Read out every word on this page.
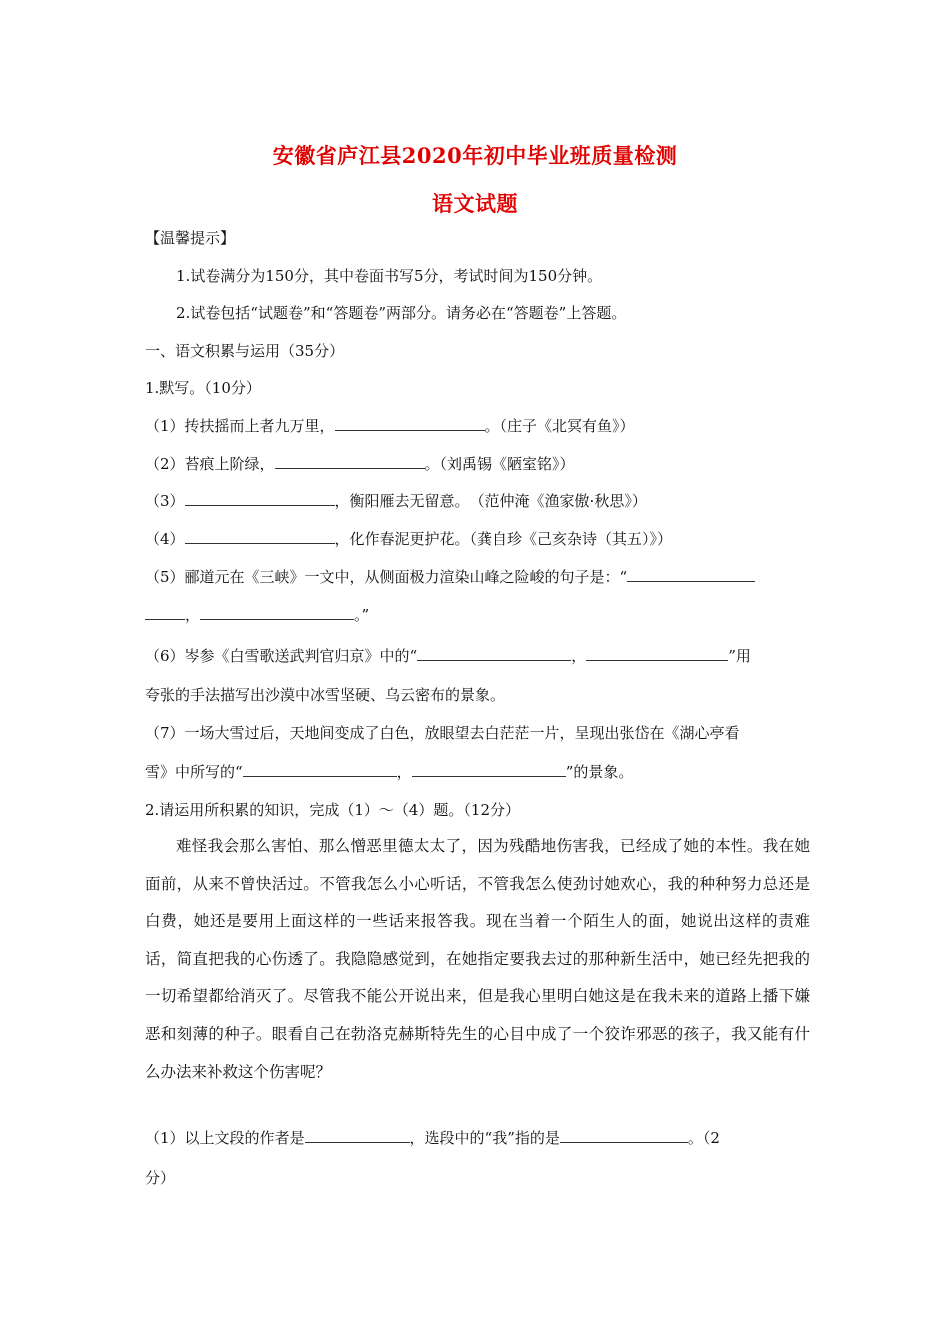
安徽省庐江县2020年初中毕业班质量检测
语文试题
【温馨提示】
1.试卷满分为150分，其中卷面书写5分，考试时间为150分钟。
2.试卷包括“试题卷”和“答题卷”两部分。请务必在“答题卷”上答题。
一、语文积累与运用（35分）
1.默写。（10分）
（1）抟扶摇而上者九万里，	。（庄子《北冥有鱼》）
（2）苔痕上阶绿，	。（刘禹锡《陋室铭》）
（3）	，衡阳雁去无留意。　（范仲淹《渔家傲·秋思》）
（4）	，化作春泥更护花。（龚自珍《己亥杂诗（其五）》）
（5）郦道元在《三峡》一文中，从侧面极力渲染山峰之险峻的句子是：“
，	。”
（6）岑参《白雪歌送武判官归京》中的“	，	”用
夸张的手法描写出沙漠中冰雪坚硬、乌云密布的景象。
（7）一场大雪过后，天地间变成了白色，放眼望去白茫茫一片，呈现出张岱在《湖心亭看
雪》中所写的“	，	”的景象。
2.请运用所积累的知识，完成（1）～（4）题。（12分）
难怪我会那么害怕、那么憎恶里德太太了，因为残酷地伤害我，已经成了她的本性。我在她面前，从来不曾快活过。不管我怎么小心听话，不管我怎么使劲讨她欢心，我的种种努力总还是白费，她还是要用上面这样的一些话来报答我。现在当着一个陌生人的面，她说出这样的责难话，简直把我的心伤透了。我隐隐感觉到，在她指定要我去过的那种新生活中，她已经先把我的一切希望都给消灭了。尽管我不能公开说出来，但是我心里明白她这是在我未来的道路上播下嫌恶和刻薄的种子。眼看自己在勃洛克赫斯特先生的心目中成了一个狡诈邪恶的孩子，我又能有什么办法来补救这个伤害呢？
（1）以上文段的作者是	，选段中的“我”指的是	。（2
分）
